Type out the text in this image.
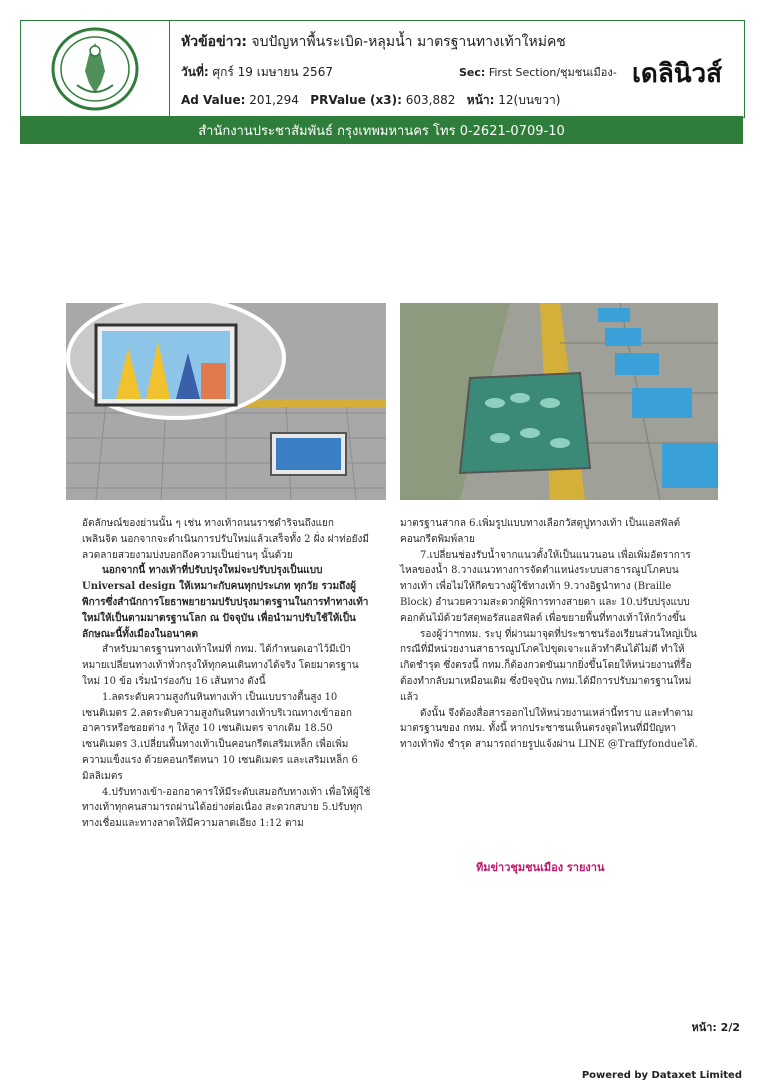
หัวข้อข่าว: จบปัญหาพื้นระเบิด-หลุมน้ำ มาตรฐานทางเท้าใหม่คช
วันที่: ศุกร์ 19 เมษายน 2567	Sec: First Section/ชุมชนเมือง-
Ad Value: 201,294 PRValue (x3): 603,882 หน้า: 12(บนขวา)
เดลินิวส์
สำนักงานประชาสัมพันธ์ กรุงเทพมหานคร โทร 0-2621-0709-10

อัตลักษณ์ของย่านนั้น ๆ เช่น ทางเท้าถนนราชดำริจนถึงแยก เพลินจิต นอกจากจะดำเนินการปรับใหม่แล้วเสร็จทั้ง 2 ฝั่ง ฝาท่อยังมีลวดลายสวยงามบ่งบอกถึงความเป็นย่านๆ นั้นด้วย

นอกจากนี้ ทางเท้าที่ปรับปรุงใหม่จะปรับปรุงเป็นแบบ Universal design ให้เหมาะกับคนทุกประเภท ทุกวัย รวมถึงผู้พิการซึ่งสำนักการโยธาพยายามปรับปรุงมาตรฐานในการทำทางเท้าใหม่ให้เป็นตามมาตรฐานโลก ณ ปัจจุบัน เพื่อนำมาปรับใช้ให้เป็นลักษณะนี้ทั้งเมืองในอนาคต

สำหรับมาตรฐานทางเท้าใหม่ที่ กทม. ได้กำหนดเอาไว้มีเป้าหมายเปลี่ยนทางเท้าทั่วกรุงให้ทุกคนเดินทางได้จริง โดยมาตรฐานใหม่ 10 ข้อ เริ่มนำร่องกับ 16 เส้นทาง ดังนี้

1.ลดระดับความสูงกันหินทางเท้า เป็นแบบรางตื้นสูง 10 เซนติเมตร 2.ลดระดับความสูงกันหินทางเท้าบริเวณทางเข้าออกอาคารหรือซอยต่าง ๆ ให้สูง 10 เซนติเมตร จากเดิม 18.50 เซนติเมตร 3.เปลี่ยนพื้นทางเท้าเป็นคอนกรีตเสริมเหล็ก เพื่อเพิ่มความแข็งแรง ด้วยคอนกรีตหนา 10 เซนติเมตร และเสริมเหล็ก 6 มิลลิเมตร

4.ปรับทางเข้า-ออกอาคารให้มีระดับเสมอกับทางเท้า เพื่อให้ผู้ใช้ทางเท้าทุกคนสามารถผ่านได้อย่างต่อเนื่อง สะดวกสบาย 5.ปรับทุกทางเชื่อมและทางลาดให้มีความลาดเอียง 1:12 ตาม

มาตรฐานสากล 6.เพิ่มรูปแบบทางเลือกวัสดุปูทางเท้า เป็นแอสฟัลต์คอนกรีตพิมพ์ลาย

7.เปลี่ยนช่องรับน้ำจากแนวตั้งให้เป็นแนวนอน เพื่อเพิ่มอัตราการไหลของน้ำ 8.วางแนวทางการจัดตำแหน่งระบบสาธารณูปโภคบนทางเท้า เพื่อไม่ให้กีดขวางผู้ใช้ทางเท้า 9.วางอิฐนำทาง (Braille Block) อำนวยความสะดวกผู้พิการทางสายตา และ 10.ปรับปรุงแบบคอกต้นไม้ด้วยวัสดุพอรัสแอสฟัลต์ เพื่อขยายพื้นที่ทางเท้าให้กว้างขึ้น

รองผู้ว่าฯกทม. ระบุ ที่ผ่านมาจุดที่ประชาชนร้องเรียนส่วนใหญ่เป็นกรณีที่มีหน่วยงานสาธารณูปโภคไปขุดเจาะแล้วทำคืนได้ไม่ดี ทำให้เกิดชำรุด ซึ่งตรงนี้ กทม.ก็ต้องกวดขันมากยิ่งขึ้นโดยให้หน่วยงานที่รื้อต้องทำกลับมาเหมือนเดิม ซึ่งปัจจุบัน กทม.ได้มีการปรับมาตรฐานใหม่แล้ว

ดังนั้น จึงต้องสื่อสารออกไปให้หน่วยงานเหล่านี้ทราบ และทำตามมาตรฐานของ กทม. ทั้งนี้ หากประชาชนเห็นตรงจุดไหนที่มีปัญหาทางเท้าพัง ชำรุด สามารถถ่ายรูปแจ้งผ่าน LINE @Traffyfondueได้.

ทีมข่าวชุมชนเมือง รายงาน
หน้า: 2/2
Powered by Dataxet Limited
